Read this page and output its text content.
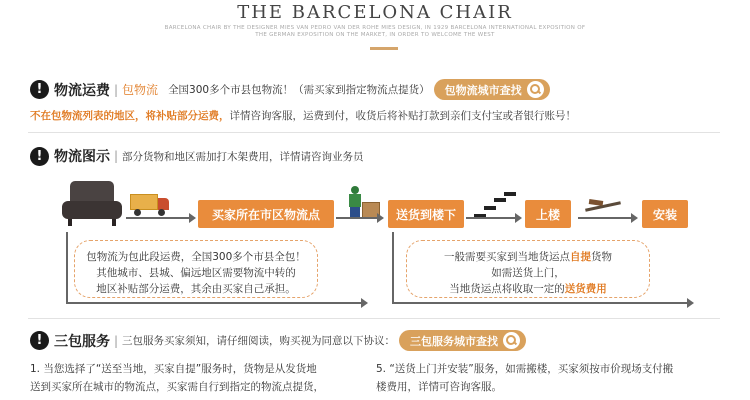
THE BARCELONA CHAIR
BARCELONA CHAIR BY THE DESIGNER MIES VAN PEDRO VAN DER ROHE MIES DESIGN, IN 1929 BARCELONA INTERNATIONAL EXPOSITION OF
THE GERMAN EXPOSITION ON THE MARKET, IN ORDER TO WELCOME THE WEST
! 物流运费 | 包物流 全国300多个市县包物流！（需买家到指定物流点提货） 包物流城市查找
不在包物流列表的地区，将补贴部分运费，详情咨询客服，运费到付，收货后将补贴打款到亲们支付宝或者银行账号！
! 物流图示 | 部分货物和地区需加打木架费用，详情请咨询业务员
买家所在市区物流点	送货到楼下	上楼	安装
包物流为包此段运费，全国300多个市县全包！
其他城市、县城、偏远地区需要物流中转的
地区补贴部分运费，其余由买家自己承担。
一般需要买家到当地货运点自提货物
如需送货上门，
当地货运点将收取一定的送货费用
! 三包服务 | 三包服务买家须知，请仔细阅读，购买视为同意以下协议： 三包服务城市查找
1. 当您选择了“送至当地，买家自提”服务时，货物是从发货地
送到买家所在城市的物流点，买家需自行到指定的物流点提货，
5. “送货上门并安装”服务，如需搬楼，买家须按市价现场支付搬
楼费用，详情可咨询客服。
